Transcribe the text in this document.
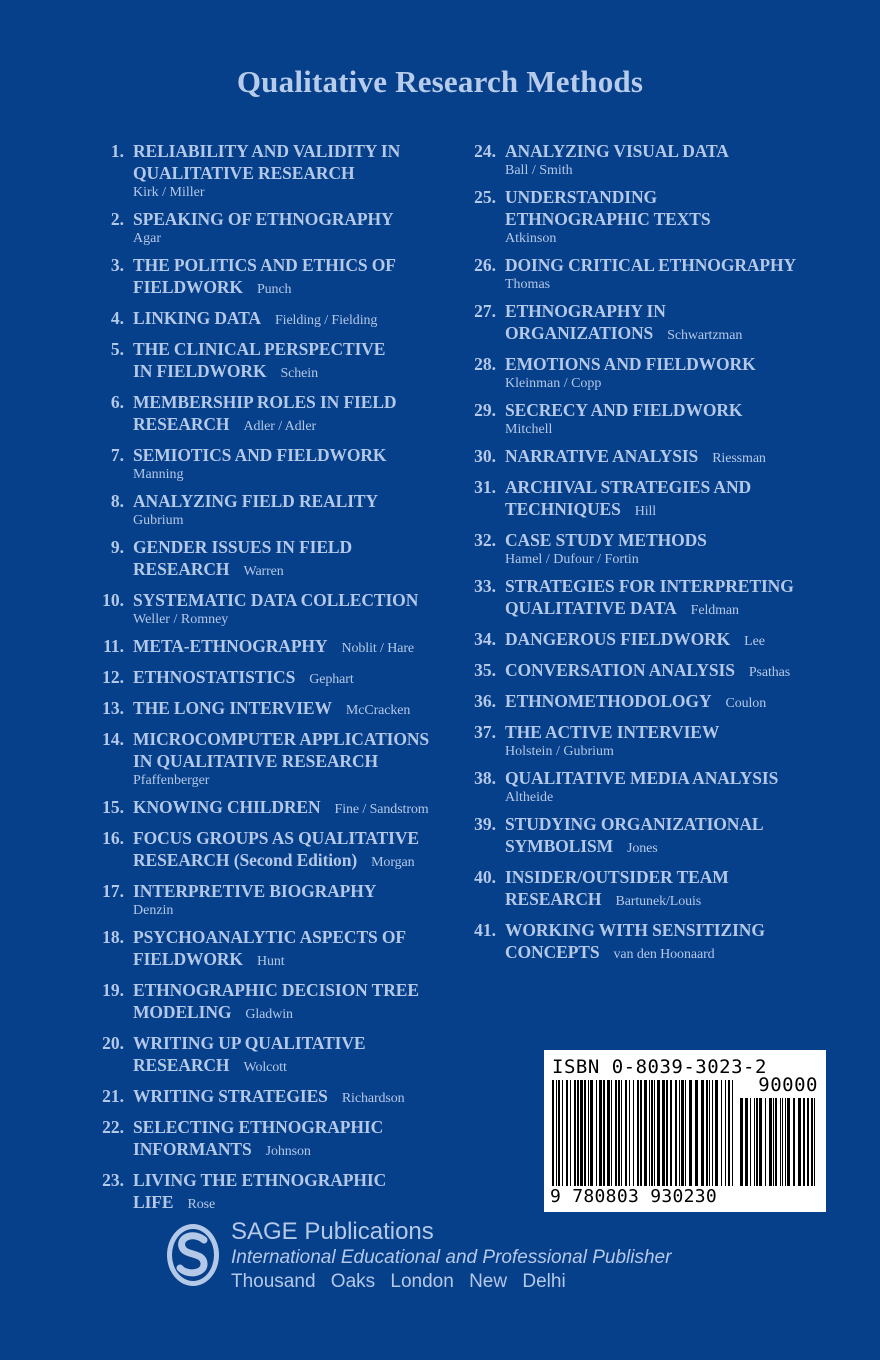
Qualitative Research Methods
1. RELIABILITY AND VALIDITY IN
QUALITATIVE RESEARCH
Kirk / Miller
2. SPEAKING OF ETHNOGRAPHY
Agar
3. THE POLITICS AND ETHICS OF
FIELDWORK Punch
4. LINKING DATA Fielding / Fielding
5. THE CLINICAL PERSPECTIVE
IN FIELDWORK Schein
6. MEMBERSHIP ROLES IN FIELD
RESEARCH Adler / Adler
7. SEMIOTICS AND FIELDWORK
Manning
8. ANALYZING FIELD REALITY
Gubrium
9. GENDER ISSUES IN FIELD
RESEARCH Warren
10. SYSTEMATIC DATA COLLECTION
Weller / Romney
11. META-ETHNOGRAPHY Noblit / Hare
12. ETHNOSTATISTICS Gephart
13. THE LONG INTERVIEW McCracken
14. MICROCOMPUTER APPLICATIONS
IN QUALITATIVE RESEARCH
Pfaffenberger
15. KNOWING CHILDREN Fine / Sandstrom
16. FOCUS GROUPS AS QUALITATIVE
RESEARCH (Second Edition) Morgan
17. INTERPRETIVE BIOGRAPHY
Denzin
18. PSYCHOANALYTIC ASPECTS OF
FIELDWORK Hunt
19. ETHNOGRAPHIC DECISION TREE
MODELING Gladwin
20. WRITING UP QUALITATIVE
RESEARCH Wolcott
21. WRITING STRATEGIES Richardson
22. SELECTING ETHNOGRAPHIC
INFORMANTS Johnson
23. LIVING THE ETHNOGRAPHIC
LIFE Rose
24. ANALYZING VISUAL DATA
Ball / Smith
25. UNDERSTANDING
ETHNOGRAPHIC TEXTS
Atkinson
26. DOING CRITICAL ETHNOGRAPHY
Thomas
27. ETHNOGRAPHY IN
ORGANIZATIONS Schwartzman
28. EMOTIONS AND FIELDWORK
Kleinman / Copp
29. SECRECY AND FIELDWORK
Mitchell
30. NARRATIVE ANALYSIS Riessman
31. ARCHIVAL STRATEGIES AND
TECHNIQUES Hill
32. CASE STUDY METHODS
Hamel / Dufour / Fortin
33. STRATEGIES FOR INTERPRETING
QUALITATIVE DATA Feldman
34. DANGEROUS FIELDWORK Lee
35. CONVERSATION ANALYSIS Psathas
36. ETHNOMETHODOLOGY Coulon
37. THE ACTIVE INTERVIEW
Holstein / Gubrium
38. QUALITATIVE MEDIA ANALYSIS
Altheide
39. STUDYING ORGANIZATIONAL
SYMBOLISM Jones
40. INSIDER/OUTSIDER TEAM
RESEARCH Bartunek/Louis
41. WORKING WITH SENSITIZING
CONCEPTS van den Hoonaard
ISBN 0-8039-3023-2
90000
9 780803 930230
SAGE Publications
International Educational and Professional Publisher
Thousand Oaks London New Delhi
